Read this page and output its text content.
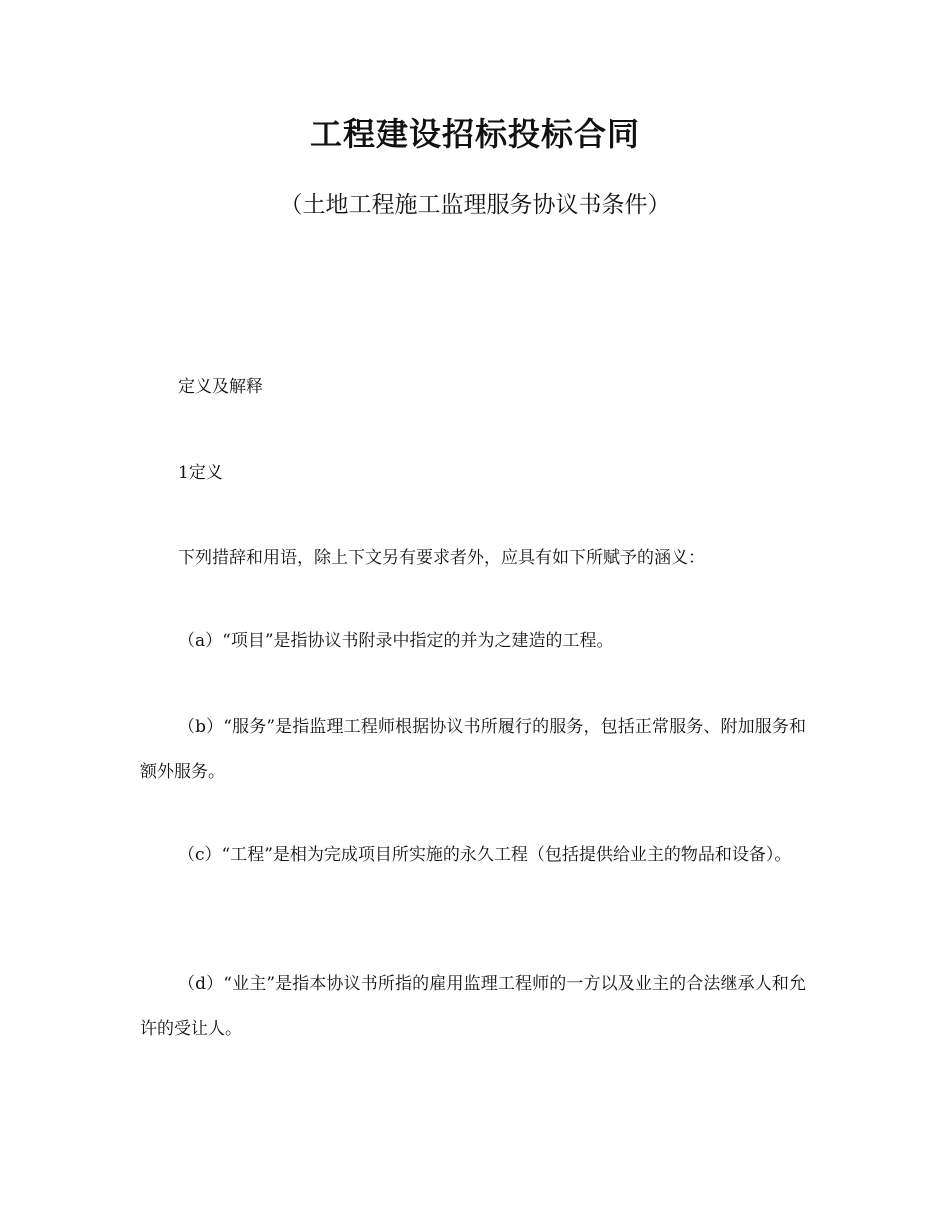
工程建设招标投标合同

（土地工程施工监理服务协议书条件）

定义及解释

1定义

下列措辞和用语，除上下文另有要求者外，应具有如下所赋予的涵义：

（a）“项目”是指协议书附录中指定的并为之建造的工程。

（b）“服务”是指监理工程师根据协议书所履行的服务，包括正常服务、附加服务和额外服务。

（c）“工程”是相为完成项目所实施的永久工程（包括提供给业主的物品和设备）。

（d）“业主”是指本协议书所指的雇用监理工程师的一方以及业主的合法继承人和允许的受让人。
